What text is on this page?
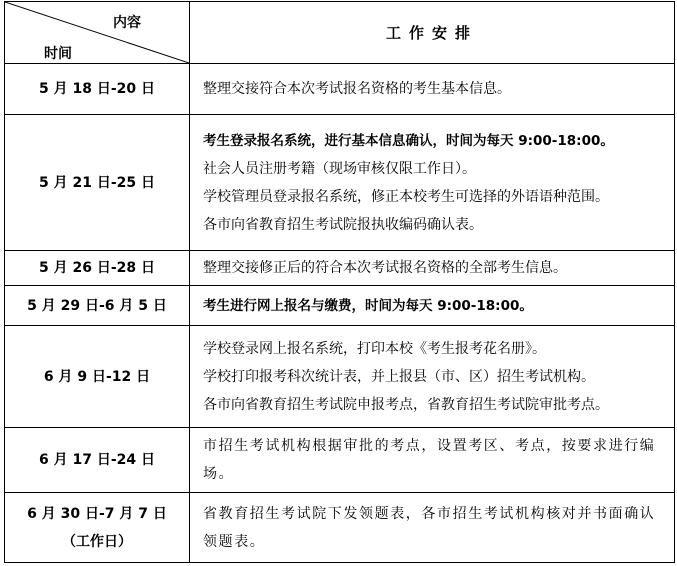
内容
时间	工作安排
5 月 18 日-20 日	整理交接符合本次考试报名资格的考生基本信息。

5 月 21 日-25 日	考生登录报名系统，进行基本信息确认，时间为每天 9:00-18:00。
社会人员注册考籍（现场审核仅限工作日）。
学校管理员登录报名系统，修正本校考生可选择的外语语种范围。
各市向省教育招生考试院报执收编码确认表。

5 月 26 日-28 日	整理交接修正后的符合本次考试报名资格的全部考生信息。

5 月 29 日-6 月 5 日	考生进行网上报名与缴费，时间为每天 9:00-18:00。

6 月 9 日-12 日	学校登录网上报名系统，打印本校《考生报考花名册》。
学校打印报考科次统计表，并上报县（市、区）招生考试机构。
各市向省教育招生考试院申报考点，省教育招生考试院审批考点。

6 月 17 日-24 日	市招生考试机构根据审批的考点，设置考区、考点，按要求进行编场。

6 月 30 日-7 月 7 日
（工作日）	省教育招生考试院下发领题表，各市招生考试机构核对并书面确认领题表。
